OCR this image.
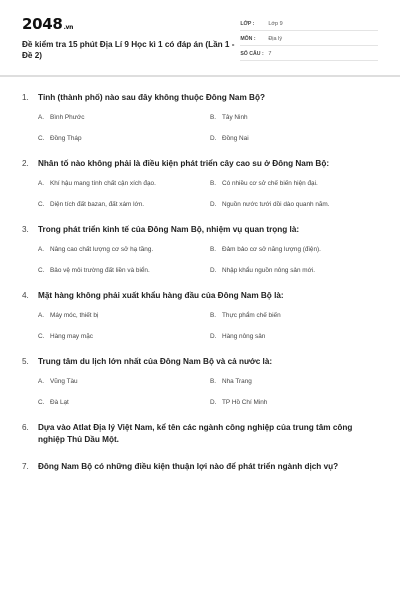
2048.vn
Đề kiểm tra 15 phút Địa Lí 9 Học kì 1 có đáp án (Lần 1 - Đề 2)
LỚP :	Lớp 9
MÔN :	Địa lý
SỐ CÂU : 7
1.	Tỉnh (thành phố) nào sau đây không thuộc Đông Nam Bộ?
A. Bình Phước	B. Tây Ninh
C. Đồng Tháp	D. Đồng Nai
2.	Nhân tố nào không phải là điều kiện phát triển cây cao su ở Đông Nam Bộ:
A. Khí hậu mang tính chất cận xích đạo.	B. Có nhiều cơ sở chế biến hiện đại.
C. Diện tích đất bazan, đất xám lớn.	D. Nguồn nước tưới dồi dào quanh năm.
3.	Trong phát triển kinh tế của Đông Nam Bộ, nhiệm vụ quan trọng là:
A. Nâng cao chất lượng cơ sở hạ tầng.	B. Đảm bảo cơ sở năng lượng (điện).
C. Bảo vệ môi trường đất liền và biển.	D. Nhập khẩu nguồn nông sản mới.
4.	Mặt hàng không phải xuất khẩu hàng đầu của Đông Nam Bộ là:
A. Máy móc, thiết bị	B. Thực phẩm chế biến
C. Hàng may mặc	D. Hàng nông sản
5.	Trung tâm du lịch lớn nhất của Đông Nam Bộ và cả nước là:
A. Vũng Tàu	B. Nha Trang
C. Đà Lạt	D. TP Hồ Chí Minh
6.	Dựa vào Atlat Địa lý Việt Nam, kể tên các ngành công nghiệp của trung tâm công nghiệp Thủ Dầu Một.
7.	Đông Nam Bộ có những điều kiện thuận lợi nào để phát triển ngành dịch vụ?
